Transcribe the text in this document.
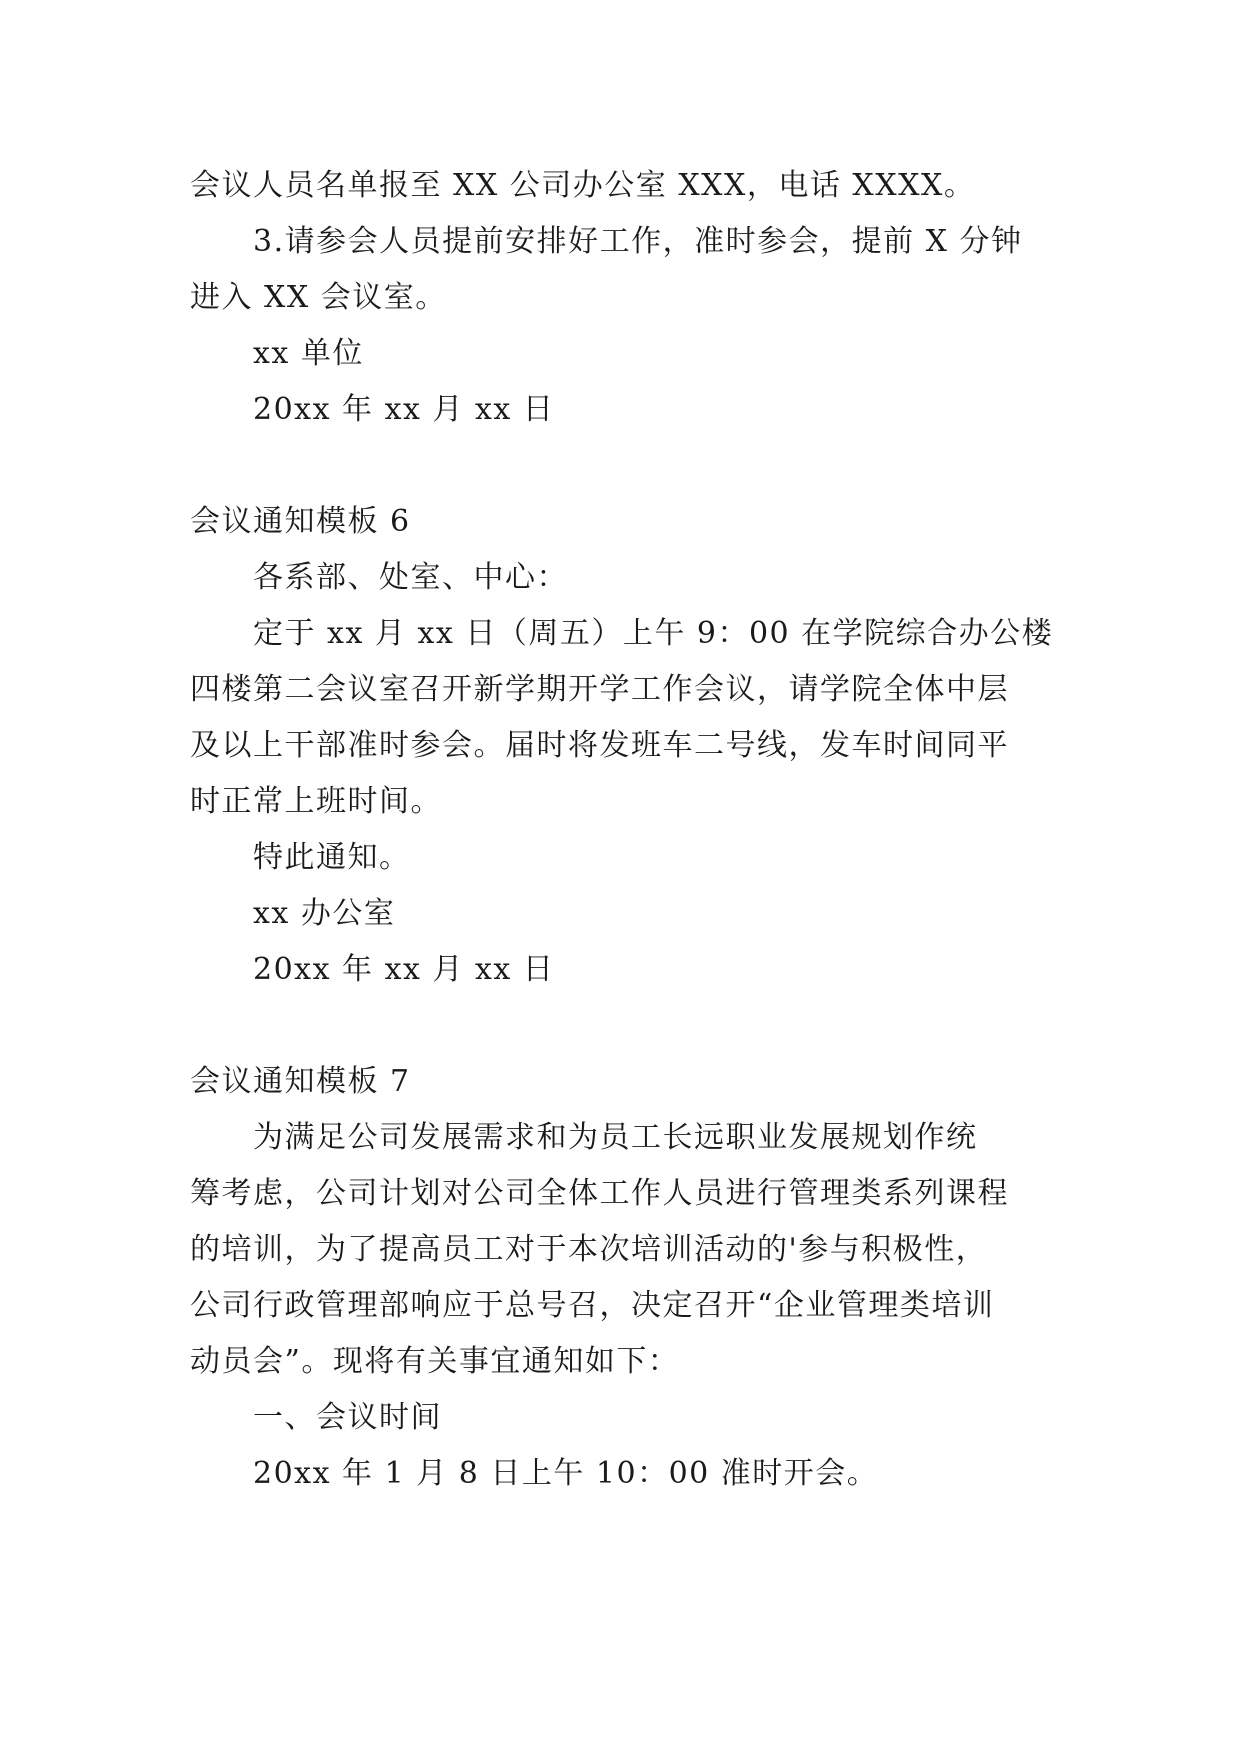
会议人员名单报至 XX 公司办公室 XXX，电话 XXXX。
3.请参会人员提前安排好工作，准时参会，提前 X 分钟
进入 XX 会议室。
xx 单位
20xx 年 xx 月 xx 日
会议通知模板 6
各系部、处室、中心：
定于 xx 月 xx 日（周五）上午 9：00 在学院综合办公楼
四楼第二会议室召开新学期开学工作会议，请学院全体中层
及以上干部准时参会。届时将发班车二号线，发车时间同平
时正常上班时间。
特此通知。
xx 办公室
20xx 年 xx 月 xx 日
会议通知模板 7
为满足公司发展需求和为员工长远职业发展规划作统
筹考虑，公司计划对公司全体工作人员进行管理类系列课程
的培训，为了提高员工对于本次培训活动的'参与积极性，
公司行政管理部响应于总号召，决定召开“企业管理类培训
动员会”。现将有关事宜通知如下：
一、会议时间
20xx 年 1 月 8 日上午 10：00 准时开会。
